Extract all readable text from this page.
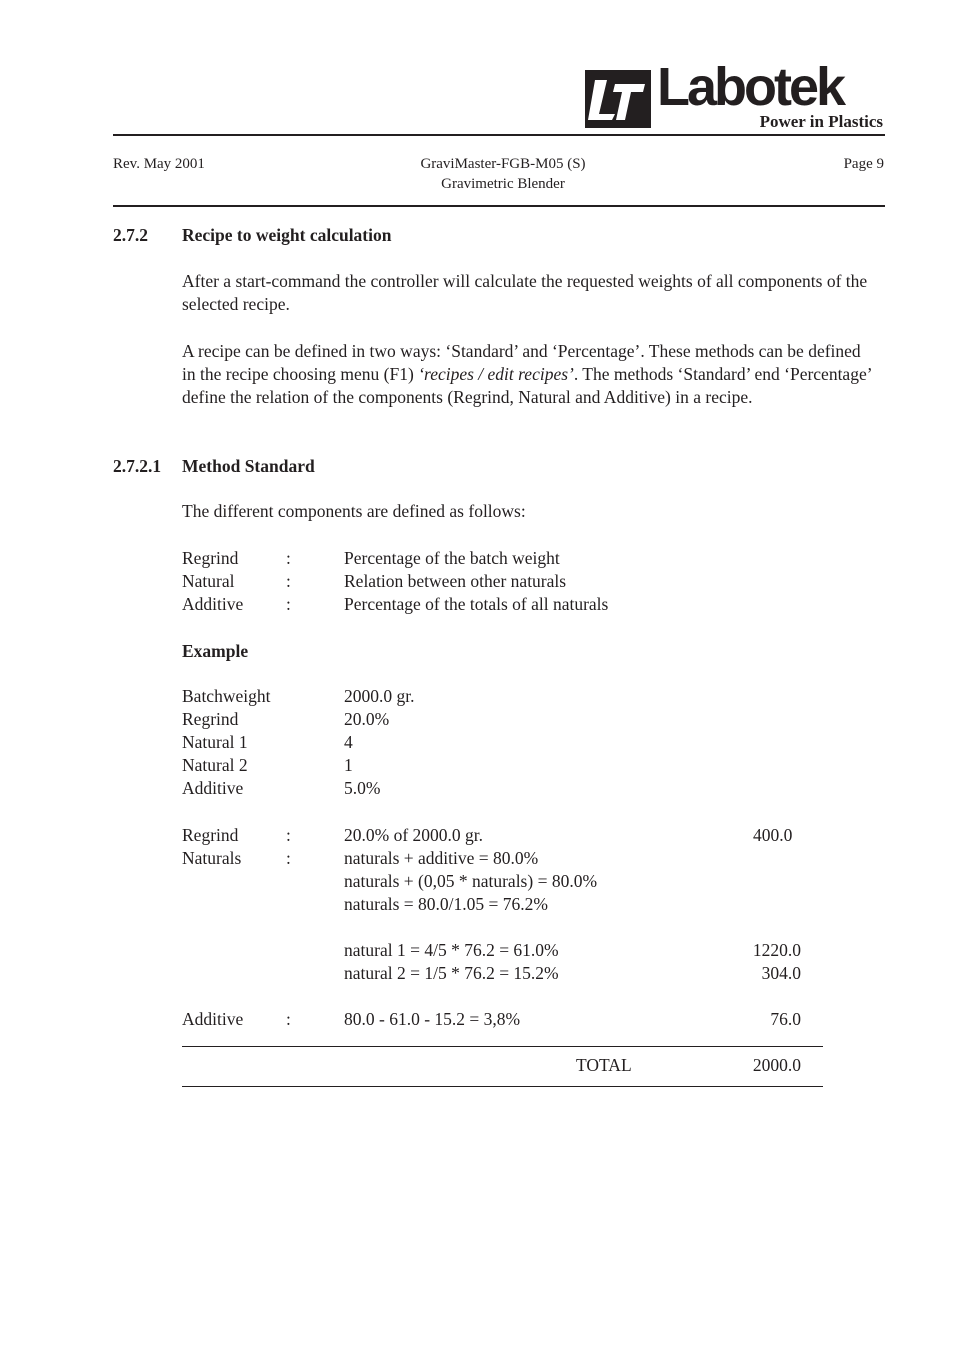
Labotek
Power in Plastics
Rev. May 2001	GraviMaster-FGB-M05 (S)
Gravimetric Blender
Page 9
2.7.2 Recipe to weight calculation
After a start-command the controller will calculate the requested weights of all components of the selected recipe.
A recipe can be defined in two ways: ‘Standard’ and ‘Percentage’. These methods can be defined in the recipe choosing menu (F1) ‘recipes / edit recipes’. The methods ‘Standard’ end ‘Percentage’ define the relation of the components (Regrind, Natural and Additive) in a recipe.
2.7.2.1 Method Standard
The different components are defined as follows:
Regrind	:	Percentage of the batch weight
Natural	:	Relation between other naturals
Additive :	Percentage of the totals of all naturals
Example
Batchweight	2000.0 gr.
Regrind	20.0%
Natural 1	4
Natural 2	1
Additive	5.0%
Regrind	:	20.0% of 2000.0 gr.	400.0
Naturals	:	naturals + additive = 80.0%
naturals + (0,05 * naturals) = 80.0%
naturals = 80.0/1.05 = 76.2%
natural 1 = 4/5 * 76.2 = 61.0%	1220.0
natural 2 = 1/5 * 76.2 = 15.2%	304.0
Additive :	80.0 - 61.0 - 15.2 = 3,8%	76.0
TOTAL	2000.0
